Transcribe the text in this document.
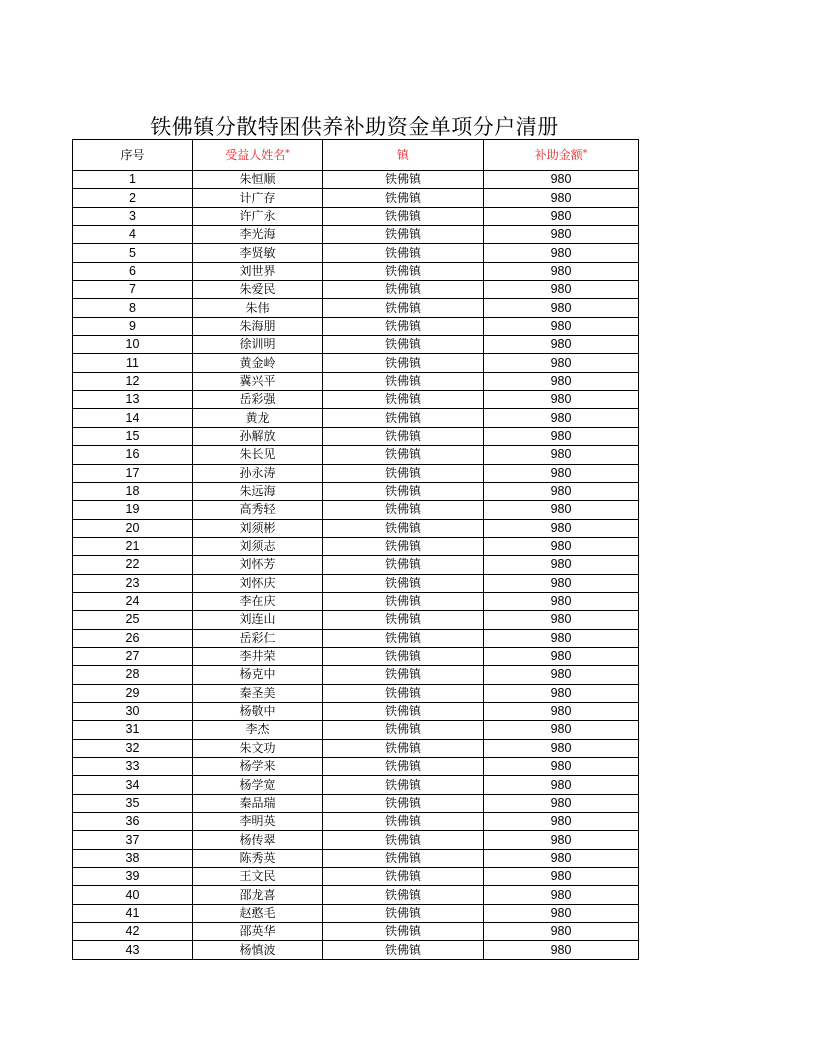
铁佛镇分散特困供养补助资金单项分户清册
序号	受益人姓名*	镇	补助金额*
1	朱恒顺	铁佛镇	980
2	计广存	铁佛镇	980
3	许广永	铁佛镇	980
4	李光海	铁佛镇	980
5	李贤敏	铁佛镇	980
6	刘世界	铁佛镇	980
7	朱爱民	铁佛镇	980
8	朱伟	铁佛镇	980
9	朱海朋	铁佛镇	980
10	徐训明	铁佛镇	980
11	黄金岭	铁佛镇	980
12	冀兴平	铁佛镇	980
13	岳彩强	铁佛镇	980
14	黄龙	铁佛镇	980
15	孙解放	铁佛镇	980
16	朱长见	铁佛镇	980
17	孙永涛	铁佛镇	980
18	朱远海	铁佛镇	980
19	高秀轻	铁佛镇	980
20	刘须彬	铁佛镇	980
21	刘须志	铁佛镇	980
22	刘怀芳	铁佛镇	980
23	刘怀庆	铁佛镇	980
24	李在庆	铁佛镇	980
25	刘连山	铁佛镇	980
26	岳彩仁	铁佛镇	980
27	李井荣	铁佛镇	980
28	杨克中	铁佛镇	980
29	秦圣美	铁佛镇	980
30	杨敬中	铁佛镇	980
31	李杰	铁佛镇	980
32	朱文功	铁佛镇	980
33	杨学来	铁佛镇	980
34	杨学宽	铁佛镇	980
35	秦品瑞	铁佛镇	980
36	李明英	铁佛镇	980
37	杨传翠	铁佛镇	980
38	陈秀英	铁佛镇	980
39	王文民	铁佛镇	980
40	邵龙喜	铁佛镇	980
41	赵憨毛	铁佛镇	980
42	邵英华	铁佛镇	980
43	杨慎波	铁佛镇	980
